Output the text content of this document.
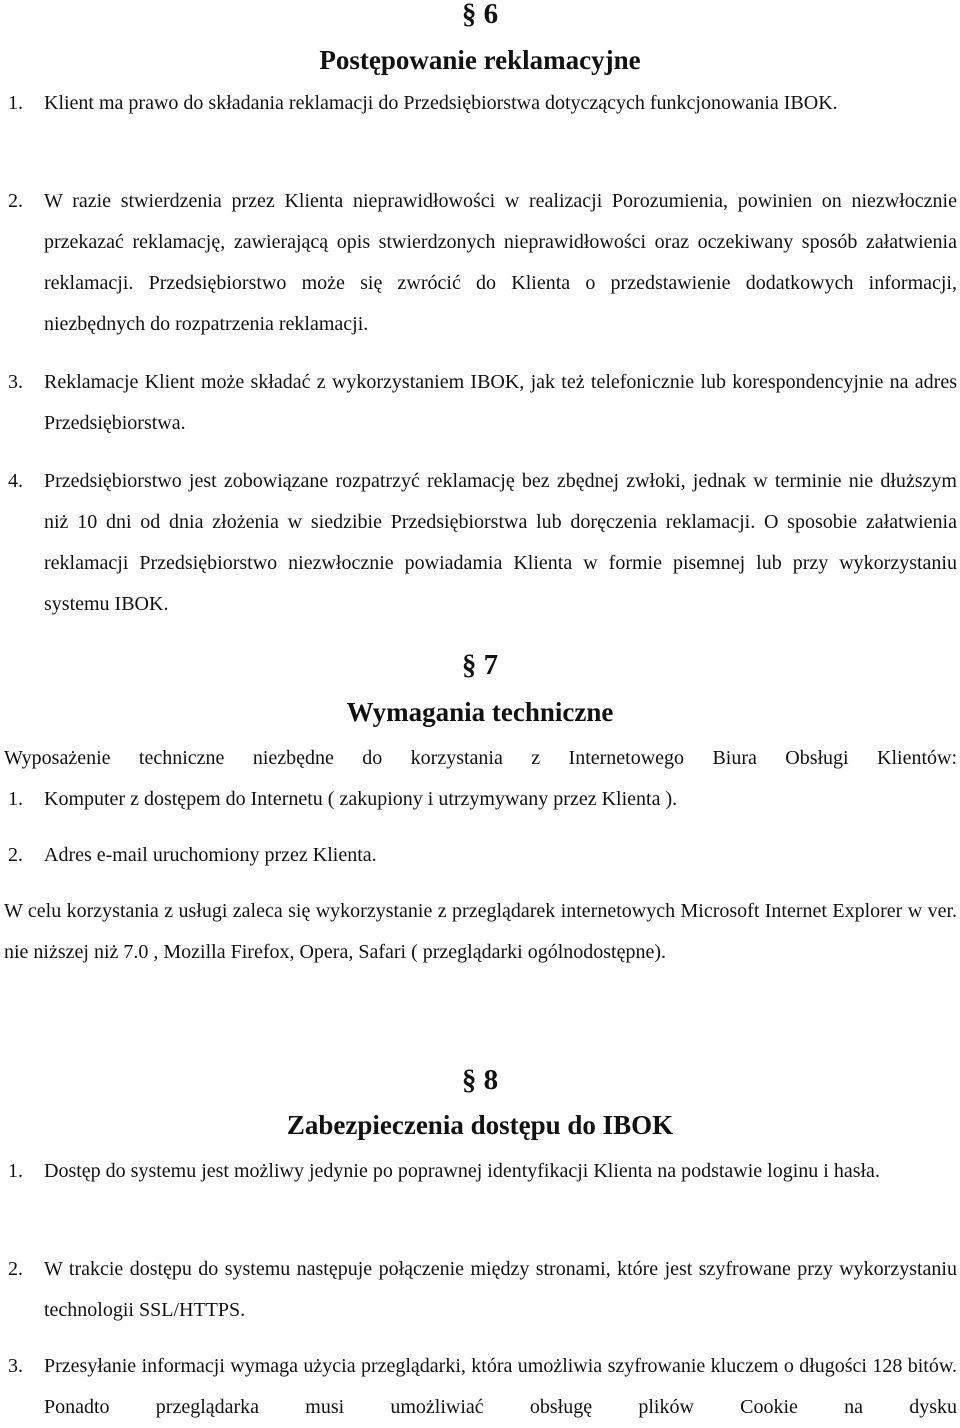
§ 6
Postępowanie reklamacyjne
1. Klient ma prawo do składania reklamacji do Przedsiębiorstwa dotyczących funkcjonowania IBOK.
2. W razie stwierdzenia przez Klienta nieprawidłowości w realizacji Porozumienia, powinien on niezwłocznie przekazać reklamację, zawierającą opis stwierdzonych nieprawidłowości oraz oczekiwany sposób załatwienia reklamacji. Przedsiębiorstwo może się zwrócić do Klienta o przedstawienie dodatkowych informacji, niezbędnych do rozpatrzenia reklamacji.
3. Reklamacje Klient może składać z wykorzystaniem IBOK, jak też telefonicznie lub korespondencyjnie na adres Przedsiębiorstwa.
4. Przedsiębiorstwo jest zobowiązane rozpatrzyć reklamację bez zbędnej zwłoki, jednak w terminie nie dłuższym niż 10 dni od dnia złożenia w siedzibie Przedsiębiorstwa lub doręczenia reklamacji. O sposobie załatwienia reklamacji Przedsiębiorstwo niezwłocznie powiadamia Klienta w formie pisemnej lub przy wykorzystaniu systemu IBOK.
§ 7
Wymagania techniczne
Wyposażenie techniczne niezbędne do korzystania z Internetowego Biura Obsługi Klientów:
1. Komputer z dostępem do Internetu ( zakupiony i utrzymywany przez Klienta ).
2. Adres e-mail uruchomiony przez Klienta.
W celu korzystania z usługi zaleca się wykorzystanie z przeglądarek internetowych Microsoft Internet Explorer w ver. nie niższej niż 7.0 , Mozilla Firefox, Opera, Safari ( przeglądarki ogólnodostępne).
§ 8
Zabezpieczenia dostępu do IBOK
1. Dostęp do systemu jest możliwy jedynie po poprawnej identyfikacji Klienta na podstawie loginu i hasła.
2. W trakcie dostępu do systemu następuje połączenie między stronami, które jest szyfrowane przy wykorzystaniu technologii SSL/HTTPS.
3. Przesyłanie informacji wymaga użycia przeglądarki, która umożliwia szyfrowanie kluczem o długości 128 bitów. Ponadto przeglądarka musi umożliwiać obsługę plików Cookie na dysku
